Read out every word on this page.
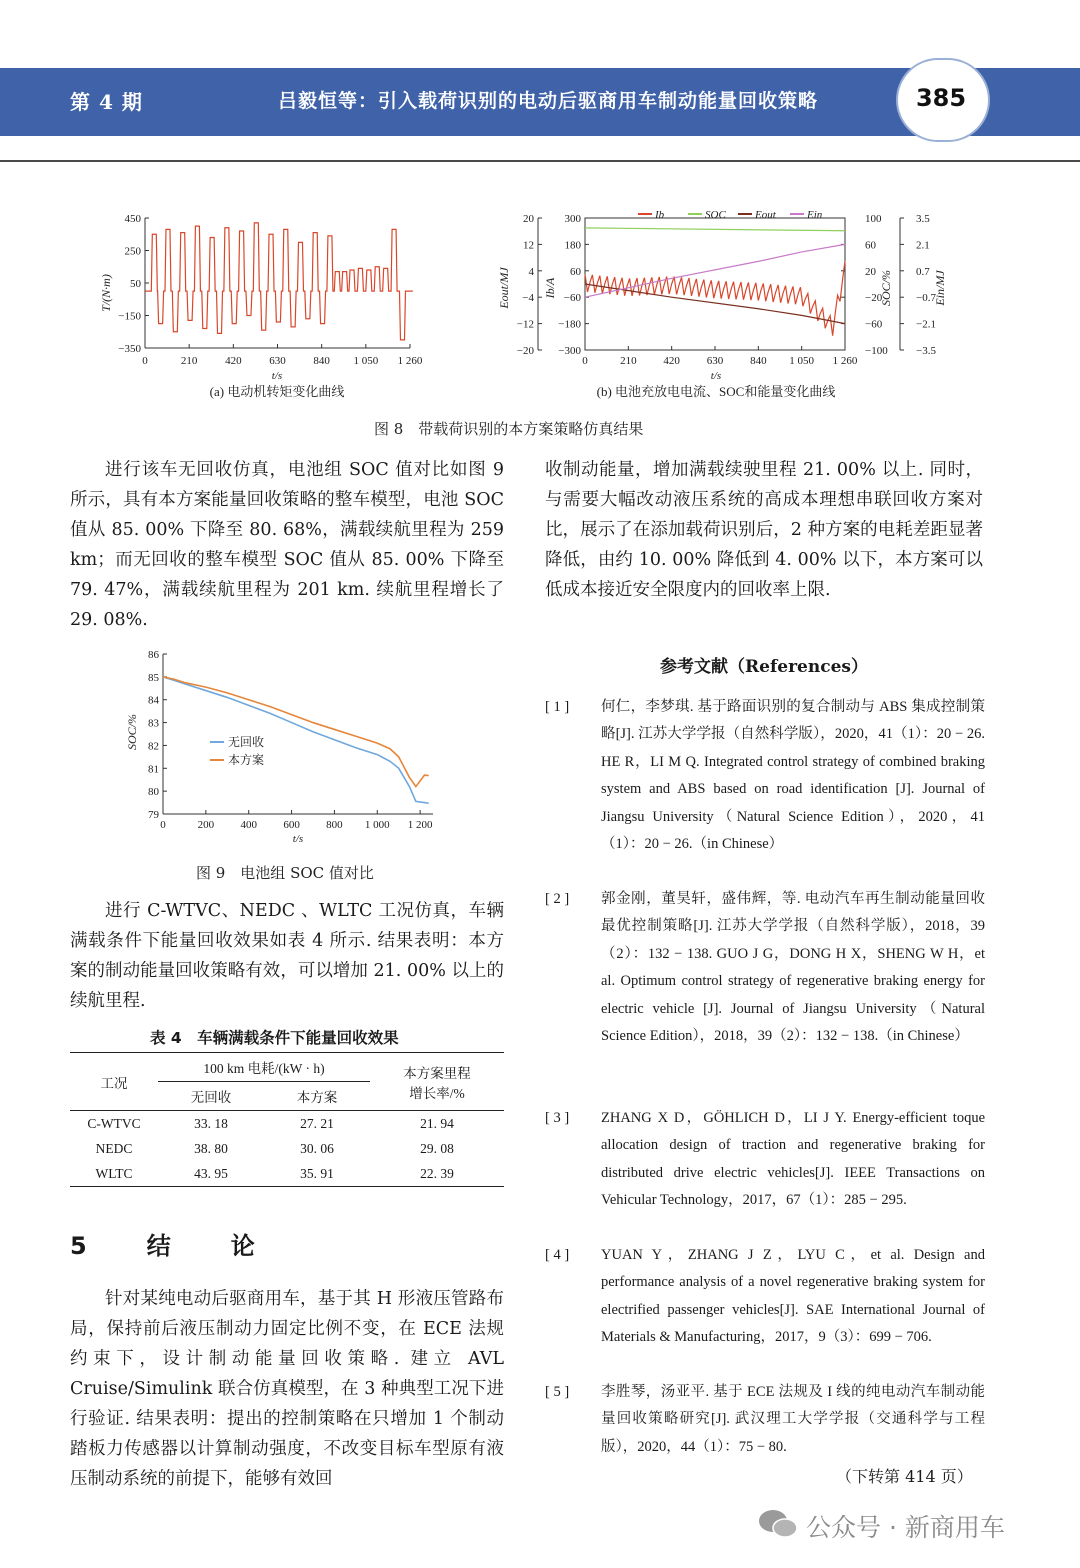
第 4 期	吕毅恒等：引入载荷识别的电动后驱商用车制动能量回收策略	385
−350
−150
50
250
450
0	210	420	630	840 1 050 1 260
T/(N·m)
t/s
(a) 电动机转矩变化曲线
20	300	100	3.5
12	180	60	2.1
4	60	20	0.7
−4	−60	−20	−0.7
−12 −180	−60	−2.1
−20 −300	−100	−3.5
0	210 420 630 840 1 050 1 260
Ib	SOC	Eout	Ein
Eout/MJ	Ib/A	SOC/%	Ein/MJ
t/s
(b) 电池充放电电流、SOC和能量变化曲线
图 8　带载荷识别的本方案策略仿真结果

进行该车无回收仿真，电池组 SOC 值对比如图 9 所示，具有本方案能量回收策略的整车模型，电池 SOC 值从 85. 00% 下降至 80. 68%，满载续航里程为 259 km；而无回收的整车模型 SOC 值从 85. 00% 下降至 79. 47%，满载续航里程为 201 km. 续航里程增长了 29. 08%.

79
80
81
82
83
84
85
86
0	200 400 600 800 1 000 1 200
SOC/%
t/s
无回收
本方案
图 9　电池组 SOC 值对比

进行 C-WTVC、NEDC 、WLTC 工况仿真，车辆满载条件下能量回收效果如表 4 所示. 结果表明：本方案的制动能量回收策略有效，可以增加 21. 00% 以上的续航里程.

表 4　车辆满载条件下能量回收效果
工况	100 km 电耗/(kW · h)		本方案里程
增长率/%

	无回收	本方案	
C-WTVC	33. 18	27. 21	21. 94
NEDC	38. 80	30. 06	29. 08
WLTC	43. 95	35. 91	22. 39
5　结　论

针对某纯电动后驱商用车，基于其 H 形液压管路布局，保持前后液压制动力固定比例不变，在 ECE 法规约束下，设计制动能量回收策略. 建立 AVL Cruise/Simulink 联合仿真模型，在 3 种典型工况下进行验证. 结果表明：提出的控制策略在只增加 1 个制动踏板力传感器以计算制动强度，不改变目标车型原有液压制动系统的前提下，能够有效回

收制动能量，增加满载续驶里程 21. 00% 以上. 同时，与需要大幅改动液压系统的高成本理想串联回收方案对比，展示了在添加载荷识别后，2 种方案的电耗差距显著降低，由约 10. 00% 降低到 4. 00% 以下，本方案可以低成本接近安全限度内的回收率上限.

参考文献（References）
[ 1 ] 何仁，李梦琪. 基于路面识别的复合制动与 ABS 集成控制策略[J]. 江苏大学学报（自然科学版），2020，41（1）：20 − 26. HE R，LI M Q. Integrated control strategy of combined braking system and ABS based on road identification [J]. Journal of Jiangsu University（Natural Science Edition），2020，41（1）：20 − 26.（in Chinese）
[ 2 ] 郭金刚，董昊轩，盛伟辉，等. 电动汽车再生制动能量回收最优控制策略[J]. 江苏大学学报（自然科学版），2018，39（2）：132 − 138. GUO J G，DONG H X，SHENG W H，et al. Optimum control strategy of regenerative braking energy for electric vehicle [J]. Journal of Jiangsu University（Natural Science Edition），2018，39（2）：132 − 138.（in Chinese）
[ 3 ] ZHANG X D，GÖHLICH D，LI J Y. Energy-efficient toque allocation design of traction and regenerative braking for distributed drive electric vehicles[J]. IEEE Transactions on Vehicular Technology，2017，67（1）：285 − 295.
[ 4 ] YUAN Y，ZHANG J Z，LYU C，et al. Design and performance analysis of a novel regenerative braking system for electrified passenger vehicles[J]. SAE International Journal of Materials & Manufacturing，2017，9（3）：699 − 706.
[ 5 ] 李胜琴，汤亚平. 基于 ECE 法规及 I 线的纯电动汽车制动能量回收策略研究[J]. 武汉理工大学学报（交通科学与工程版），2020，44（1）：75 − 80.
（下转第 414 页）
公众号 · 新商用车
